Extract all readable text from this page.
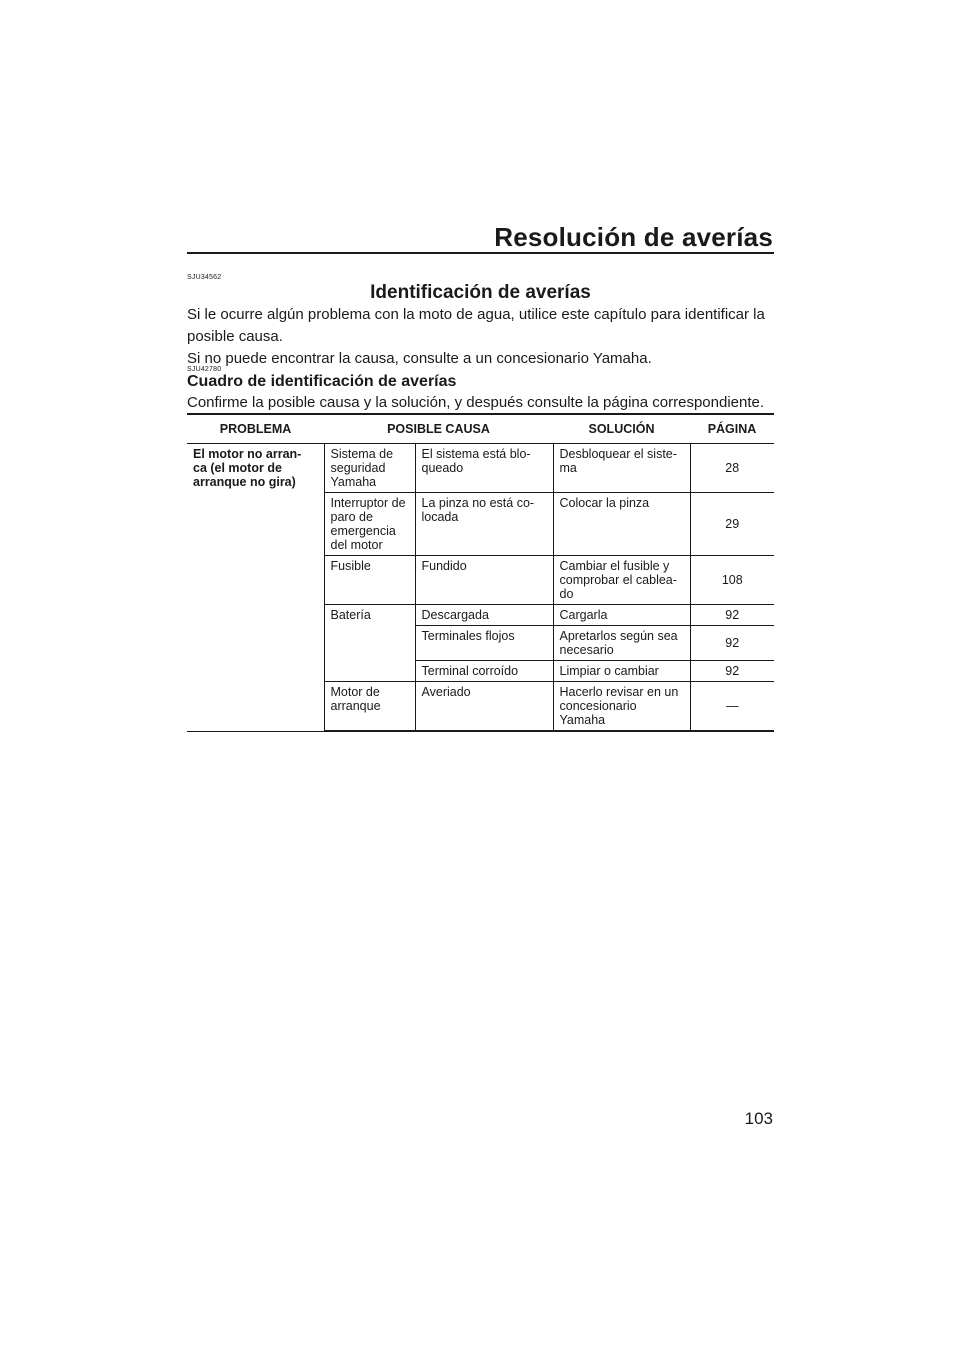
Resolución de averías
SJU34562
Identificación de averías

Si le ocurre algún problema con la moto de agua, utilice este capítulo para identificar la posible causa.

Si no puede encontrar la causa, consulte a un concesionario Yamaha.

SJU42780
Cuadro de identificación de averías
Confirme la posible causa y la solución, y después consulte la página correspondiente.
PROBLEMA	POSIBLE CAUSA		SOLUCIÓN	PÁGINA
El motor no arran-
ca (el motor de
arranque no gira)	Sistema de
seguridad
Yamaha	El sistema está blo-
queado	Desbloquear el siste-
ma	28
	Interruptor de
paro de
emergencia
del motor	La pinza no está co-
locada	Colocar la pinza	29
	Fusible	Fundido	Cambiar el fusible y
comprobar el cablea-
do	108
	Batería	Descargada	Cargarla	92
		Terminales flojos	Apretarlos según sea
necesario	92
		Terminal corroído	Limpiar o cambiar	92
	Motor de
arranque	Averiado	Hacerlo revisar en un
concesionario
Yamaha	—
103
